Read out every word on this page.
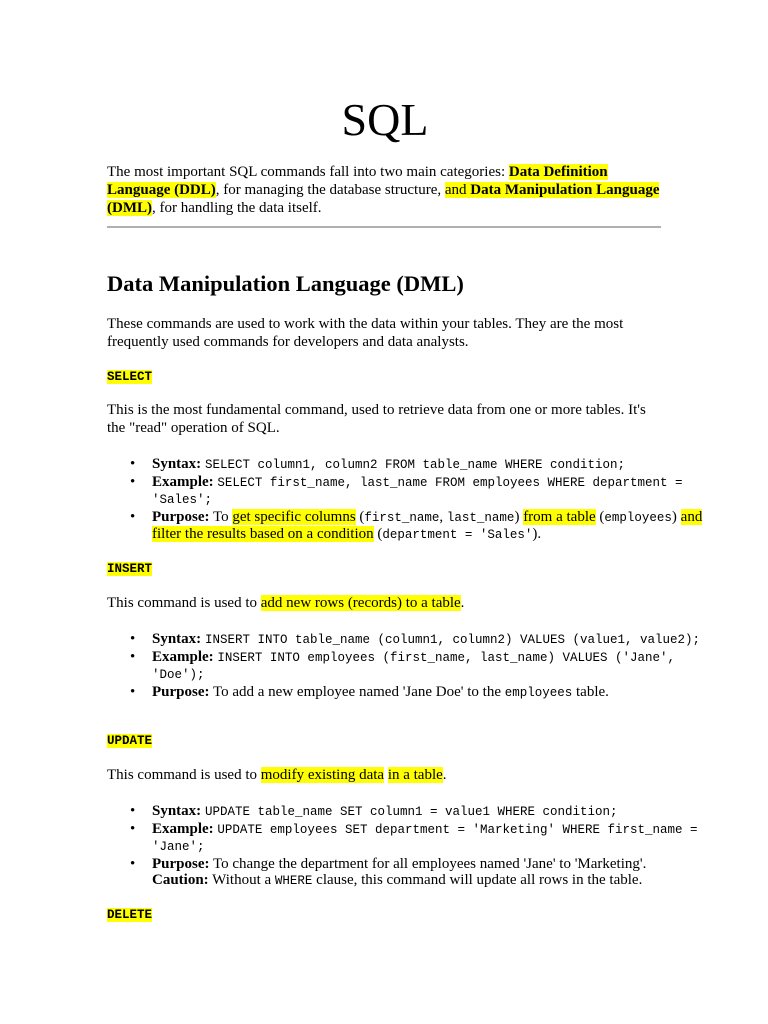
SQL

The most important SQL commands fall into two main categories: Data Definition Language (DDL), for managing the database structure, and Data Manipulation Language (DML), for handling the data itself.

Data Manipulation Language (DML)

These commands are used to work with the data within your tables. They are the most frequently used commands for developers and data analysts.

SELECT

This is the most fundamental command, used to retrieve data from one or more tables. It's the "read" operation of SQL.

• Syntax: SELECT column1, column2 FROM table_name WHERE condition;
• Example: SELECT first_name, last_name FROM employees WHERE department = 'Sales';
• Purpose: To get specific columns (first_name, last_name) from a table (employees) and filter the results based on a condition (department = 'Sales').
INSERT

This command is used to add new rows (records) to a table.

• Syntax: INSERT INTO table_name (column1, column2) VALUES (value1, value2);
• Example: INSERT INTO employees (first_name, last_name) VALUES ('Jane', 'Doe');
• Purpose: To add a new employee named 'Jane Doe' to the employees table.
UPDATE

This command is used to modify existing data in a table.

• Syntax: UPDATE table_name SET column1 = value1 WHERE condition;
• Example: UPDATE employees SET department = 'Marketing' WHERE first_name = 'Jane';
• Purpose: To change the department for all employees named 'Jane' to 'Marketing'.
Caution: Without a WHERE clause, this command will update all rows in the table.
DELETE
